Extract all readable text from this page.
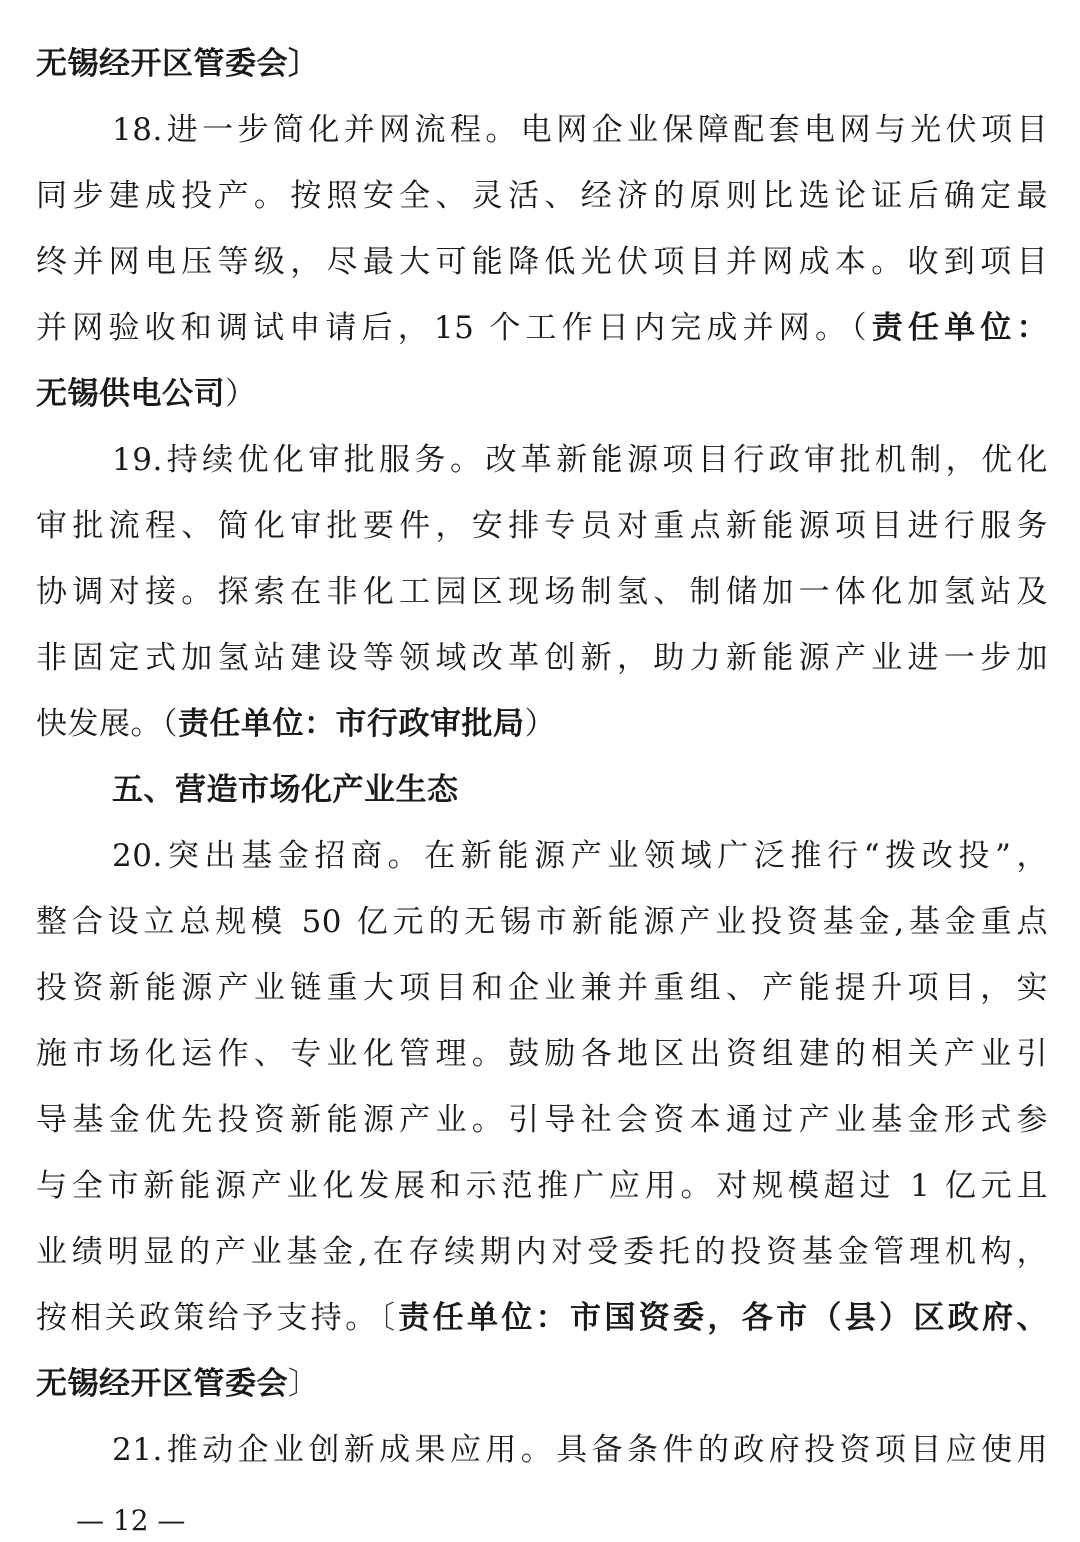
无锡经开区管委会〕
18.进一步简化并网流程。电网企业保障配套电网与光伏项目
同步建成投产。按照安全、灵活、经济的原则比选论证后确定最
终并网电压等级，尽最大可能降低光伏项目并网成本。收到项目
并网验收和调试申请后，15 个工作日内完成并网。（责任单位：
无锡供电公司）
19.持续优化审批服务。改革新能源项目行政审批机制，优化
审批流程、简化审批要件，安排专员对重点新能源项目进行服务
协调对接。探索在非化工园区现场制氢、制储加一体化加氢站及
非固定式加氢站建设等领域改革创新，助力新能源产业进一步加
快发展。（责任单位：市行政审批局）
五、营造市场化产业生态
20.突出基金招商。在新能源产业领域广泛推行“拨改投”，
整合设立总规模 50 亿元的无锡市新能源产业投资基金,基金重点
投资新能源产业链重大项目和企业兼并重组、产能提升项目，实
施市场化运作、专业化管理。鼓励各地区出资组建的相关产业引
导基金优先投资新能源产业。引导社会资本通过产业基金形式参
与全市新能源产业化发展和示范推广应用。对规模超过 1 亿元且
业绩明显的产业基金,在存续期内对受委托的投资基金管理机构，
按相关政策给予支持。〔责任单位：市国资委，各市（县）区政府、
无锡经开区管委会〕
21.推动企业创新成果应用。具备条件的政府投资项目应使用
— 12 —
